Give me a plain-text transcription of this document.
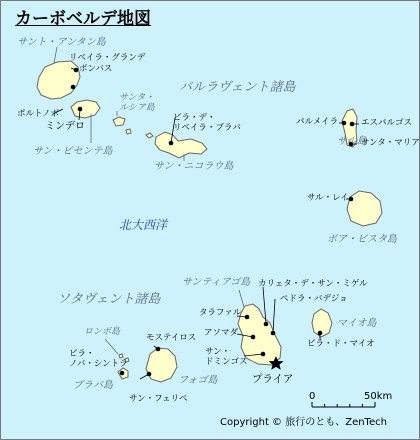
カーボベルデ地図
バルラヴェント諸島
ソタヴェント諸島
北大西洋
サント・アンタン島
サン・ビセンテ島
サンタ・
ルシア島
サン・ニコラウ島
サル島
ボア・ビスタ島
サンティアゴ島
マイオ島
フォゴ島
ブラバ島
ロンボ島
リベイラ・グランデ
ポンバス
ポルトノボ
ミンデロ
ビラ・デ・
リベイラ・ブラバ
パルメイラ	エスパルゴス
サンタ・マリア
サル・レイ
タラファル
カリェタ・デ・サン・ミゲル
ペドラ・バデジョ
アソマダ
サン・
ドミンゴス
プライア
ビラ・ド・マイオ
モステイロス
サン・フェリペ
ビラ・
ノバ・シントラ
0	50km
Copyright © 旅行のとも、ZenTech
